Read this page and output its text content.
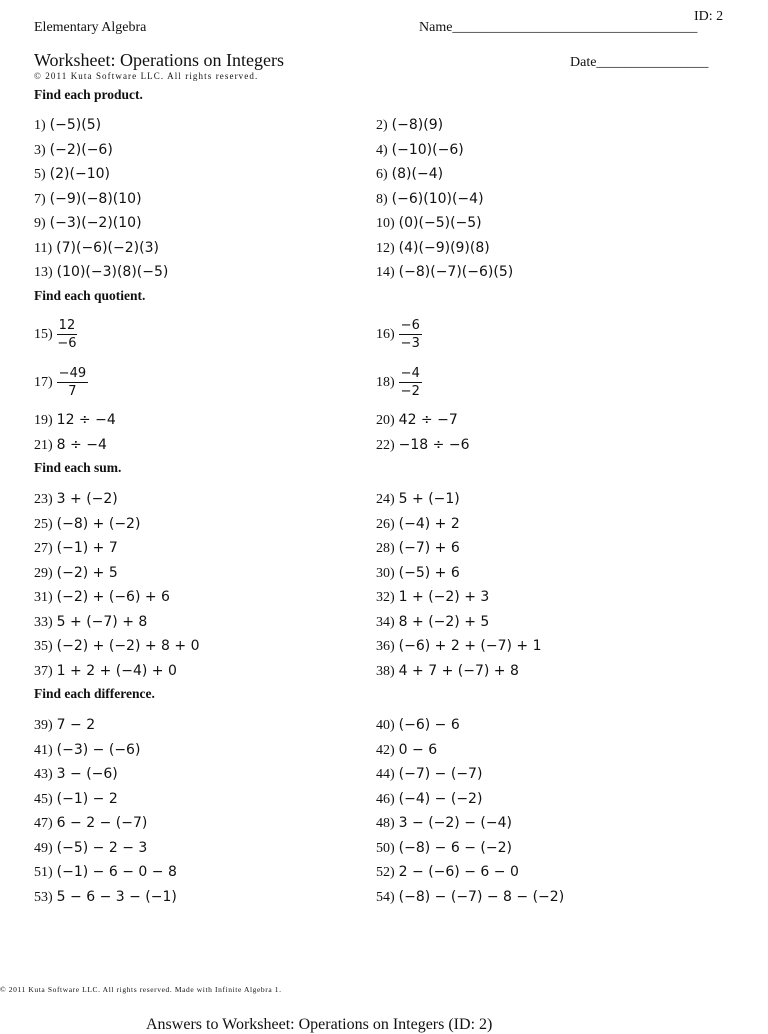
Elementary Algebra
ID: 2
Name___________________________________
Worksheet: Operations on Integers	Date________________
© 2011 Kuta Software LLC. All rights reserved.
Find each product.
Find each quotient.
Find each sum.
Find each difference.
1) (−5)(5)	2) (−8)(9)
3) (−2)(−6)	4) (−10)(−6)
5) (2)(−10)	6) (8)(−4)
7) (−9)(−8)(10)	8) (−6)(10)(−4)
9) (−3)(−2)(10)	10) (0)(−5)(−5)
11) (7)(−6)(−2)(3)	12) (4)(−9)(9)(8)
13) (10)(−3)(8)(−5)	14) (−8)(−7)(−6)(5)
$15) \frac{12}{-6}$	$16) \frac{-6}{-3}$
$17) \frac{-49}{7}$	$18) \frac{-4}{-2}$
19) 12 ÷ −4	20) 42 ÷ −7
21) 8 ÷ −4	22) −18 ÷ −6
23) 3 + (−2)	24) 5 + (−1)
25) (−8) + (−2)	26) (−4) + 2
27) (−1) + 7	28) (−7) + 6
29) (−2) + 5	30) (−5) + 6
31) (−2) + (−6) + 6	32) 1 + (−2) + 3
33) 5 + (−7) + 8	34) 8 + (−2) + 5
35) (−2) + (−2) + 8 + 0	36) (−6) + 2 + (−7) + 1
37) 1 + 2 + (−4) + 0	38) 4 + 7 + (−7) + 8
39) 7 − 2	40) (−6) − 6
41) (−3) − (−6)	42) 0 − 6
43) 3 − (−6)	44) (−7) − (−7)
45) (−1) − 2	46) (−4) − (−2)
47) 6 − 2 − (−7)	48) 3 − (−2) − (−4)
49) (−5) − 2 − 3	50) (−8) − 6 − (−2)
51) (−1) − 6 − 0 − 8	52) 2 − (−6) − 6 − 0
53) 5 − 6 − 3 − (−1)	54) (−8) − (−7) − 8 − (−2)
© 2011 Kuta Software LLC. All rights reserved. Made with Infinite Algebra 1.
Answers to Worksheet: Operations on Integers (ID: 2)
